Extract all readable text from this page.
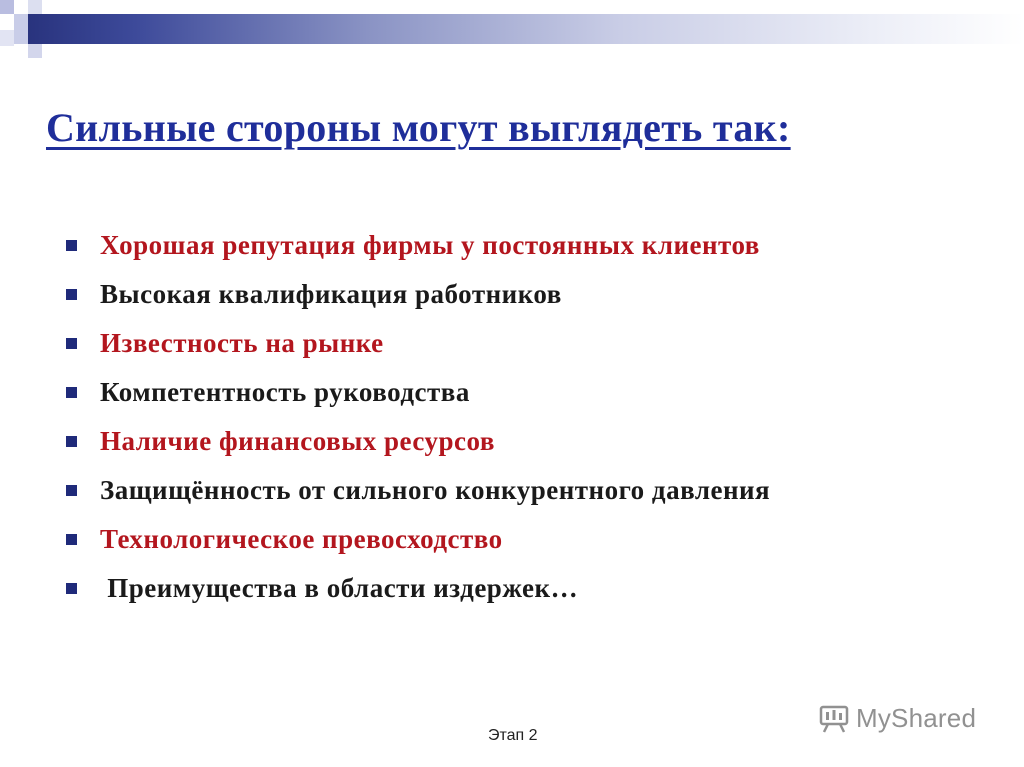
Сильные стороны могут выглядеть так:
Хорошая репутация фирмы у постоянных клиентов
Высокая квалификация работников
Известность на рынке
Компетентность руководства
Наличие финансовых ресурсов
Защищённость от сильного конкурентного давления
Технологическое превосходство
Преимущества в области издержек…
Этап 2
MyShared
